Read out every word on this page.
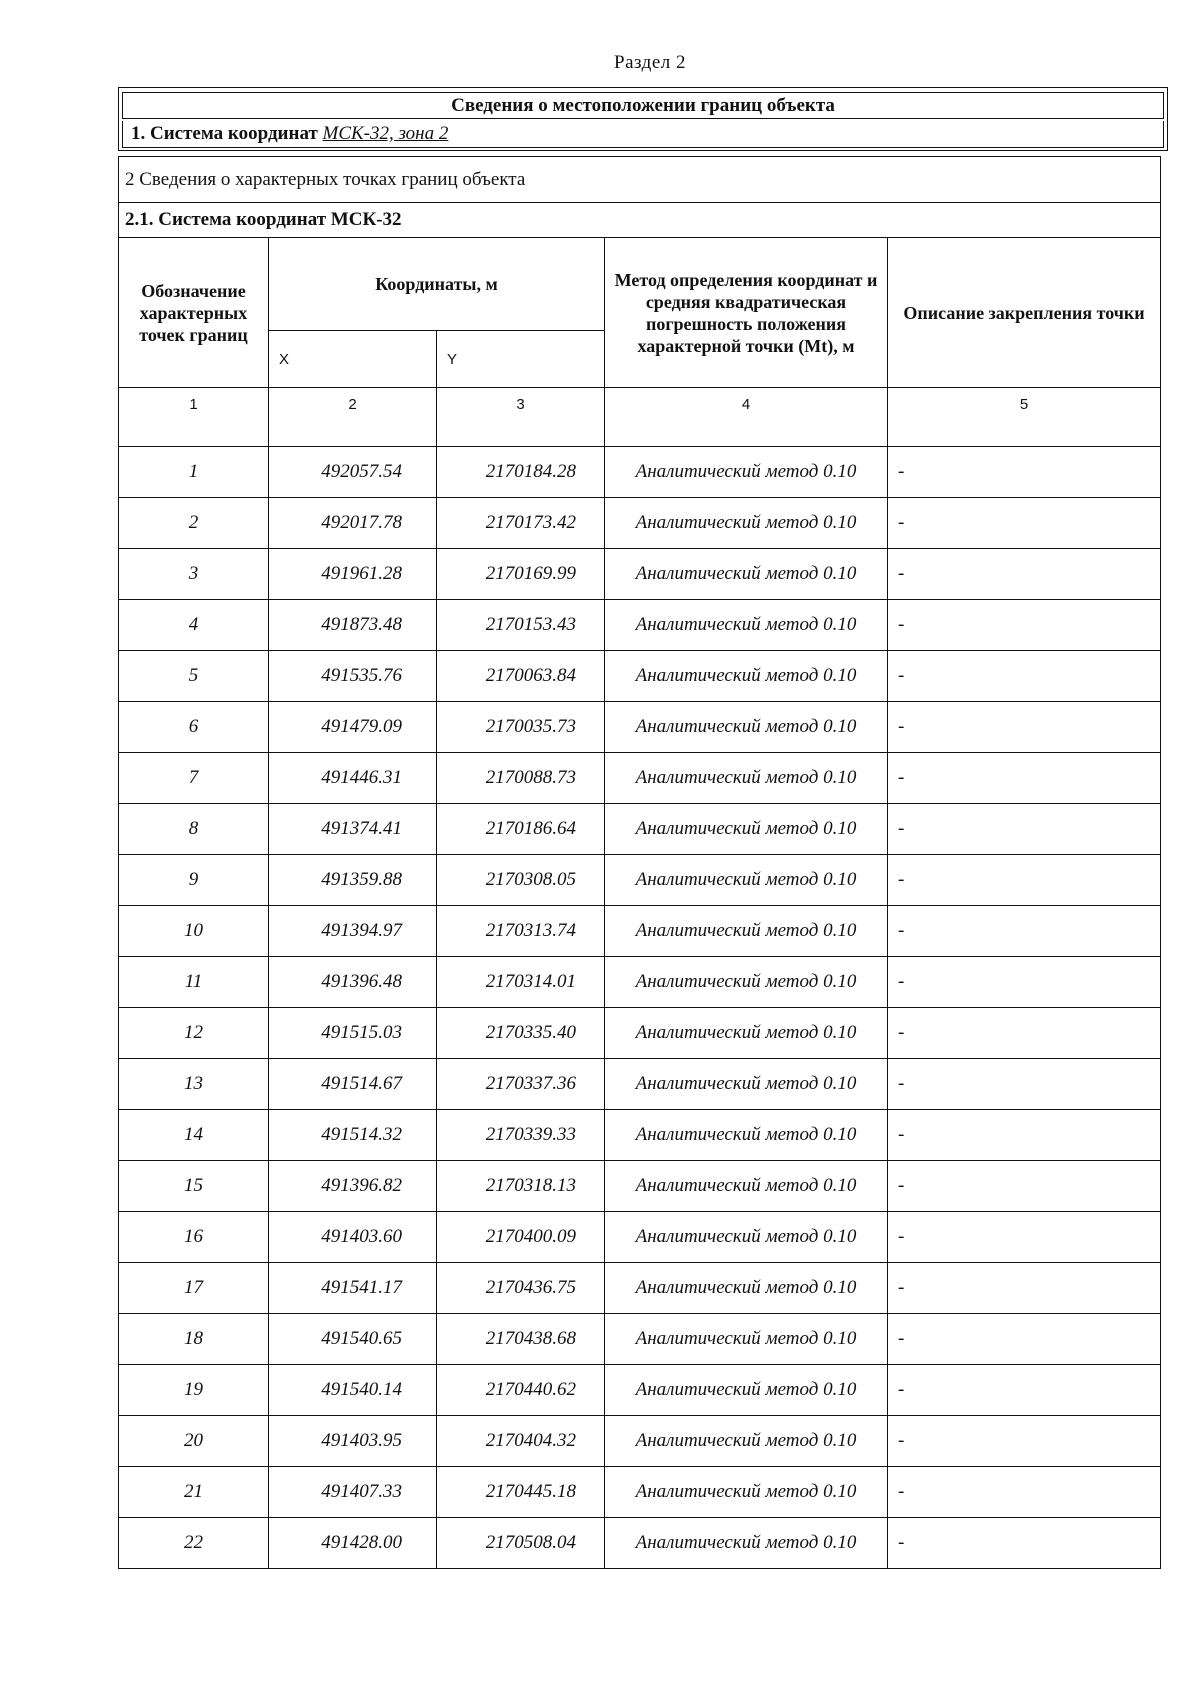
Раздел 2
Сведения о местоположении границ объекта
1. Система координат МСК-32, зона 2
2 Сведения о характерных точках границ объекта				
2.1. Система координат МСК-32				
Обозначение характерных точек границ	Координаты, м		Метод определения координат и средняя квадратическая погрешность положения характерной точки (Mt), м	Описание закрепления точки
	X	Y		
1	2	3	4	5
1	492057.54	2170184.28	Аналитический метод 0.10	-
2	492017.78	2170173.42	Аналитический метод 0.10	-
3	491961.28	2170169.99	Аналитический метод 0.10	-
4	491873.48	2170153.43	Аналитический метод 0.10	-
5	491535.76	2170063.84	Аналитический метод 0.10	-
6	491479.09	2170035.73	Аналитический метод 0.10	-
7	491446.31	2170088.73	Аналитический метод 0.10	-
8	491374.41	2170186.64	Аналитический метод 0.10	-
9	491359.88	2170308.05	Аналитический метод 0.10	-
10	491394.97	2170313.74	Аналитический метод 0.10	-
11	491396.48	2170314.01	Аналитический метод 0.10	-
12	491515.03	2170335.40	Аналитический метод 0.10	-
13	491514.67	2170337.36	Аналитический метод 0.10	-
14	491514.32	2170339.33	Аналитический метод 0.10	-
15	491396.82	2170318.13	Аналитический метод 0.10	-
16	491403.60	2170400.09	Аналитический метод 0.10	-
17	491541.17	2170436.75	Аналитический метод 0.10	-
18	491540.65	2170438.68	Аналитический метод 0.10	-
19	491540.14	2170440.62	Аналитический метод 0.10	-
20	491403.95	2170404.32	Аналитический метод 0.10	-
21	491407.33	2170445.18	Аналитический метод 0.10	-
22	491428.00	2170508.04	Аналитический метод 0.10	-
